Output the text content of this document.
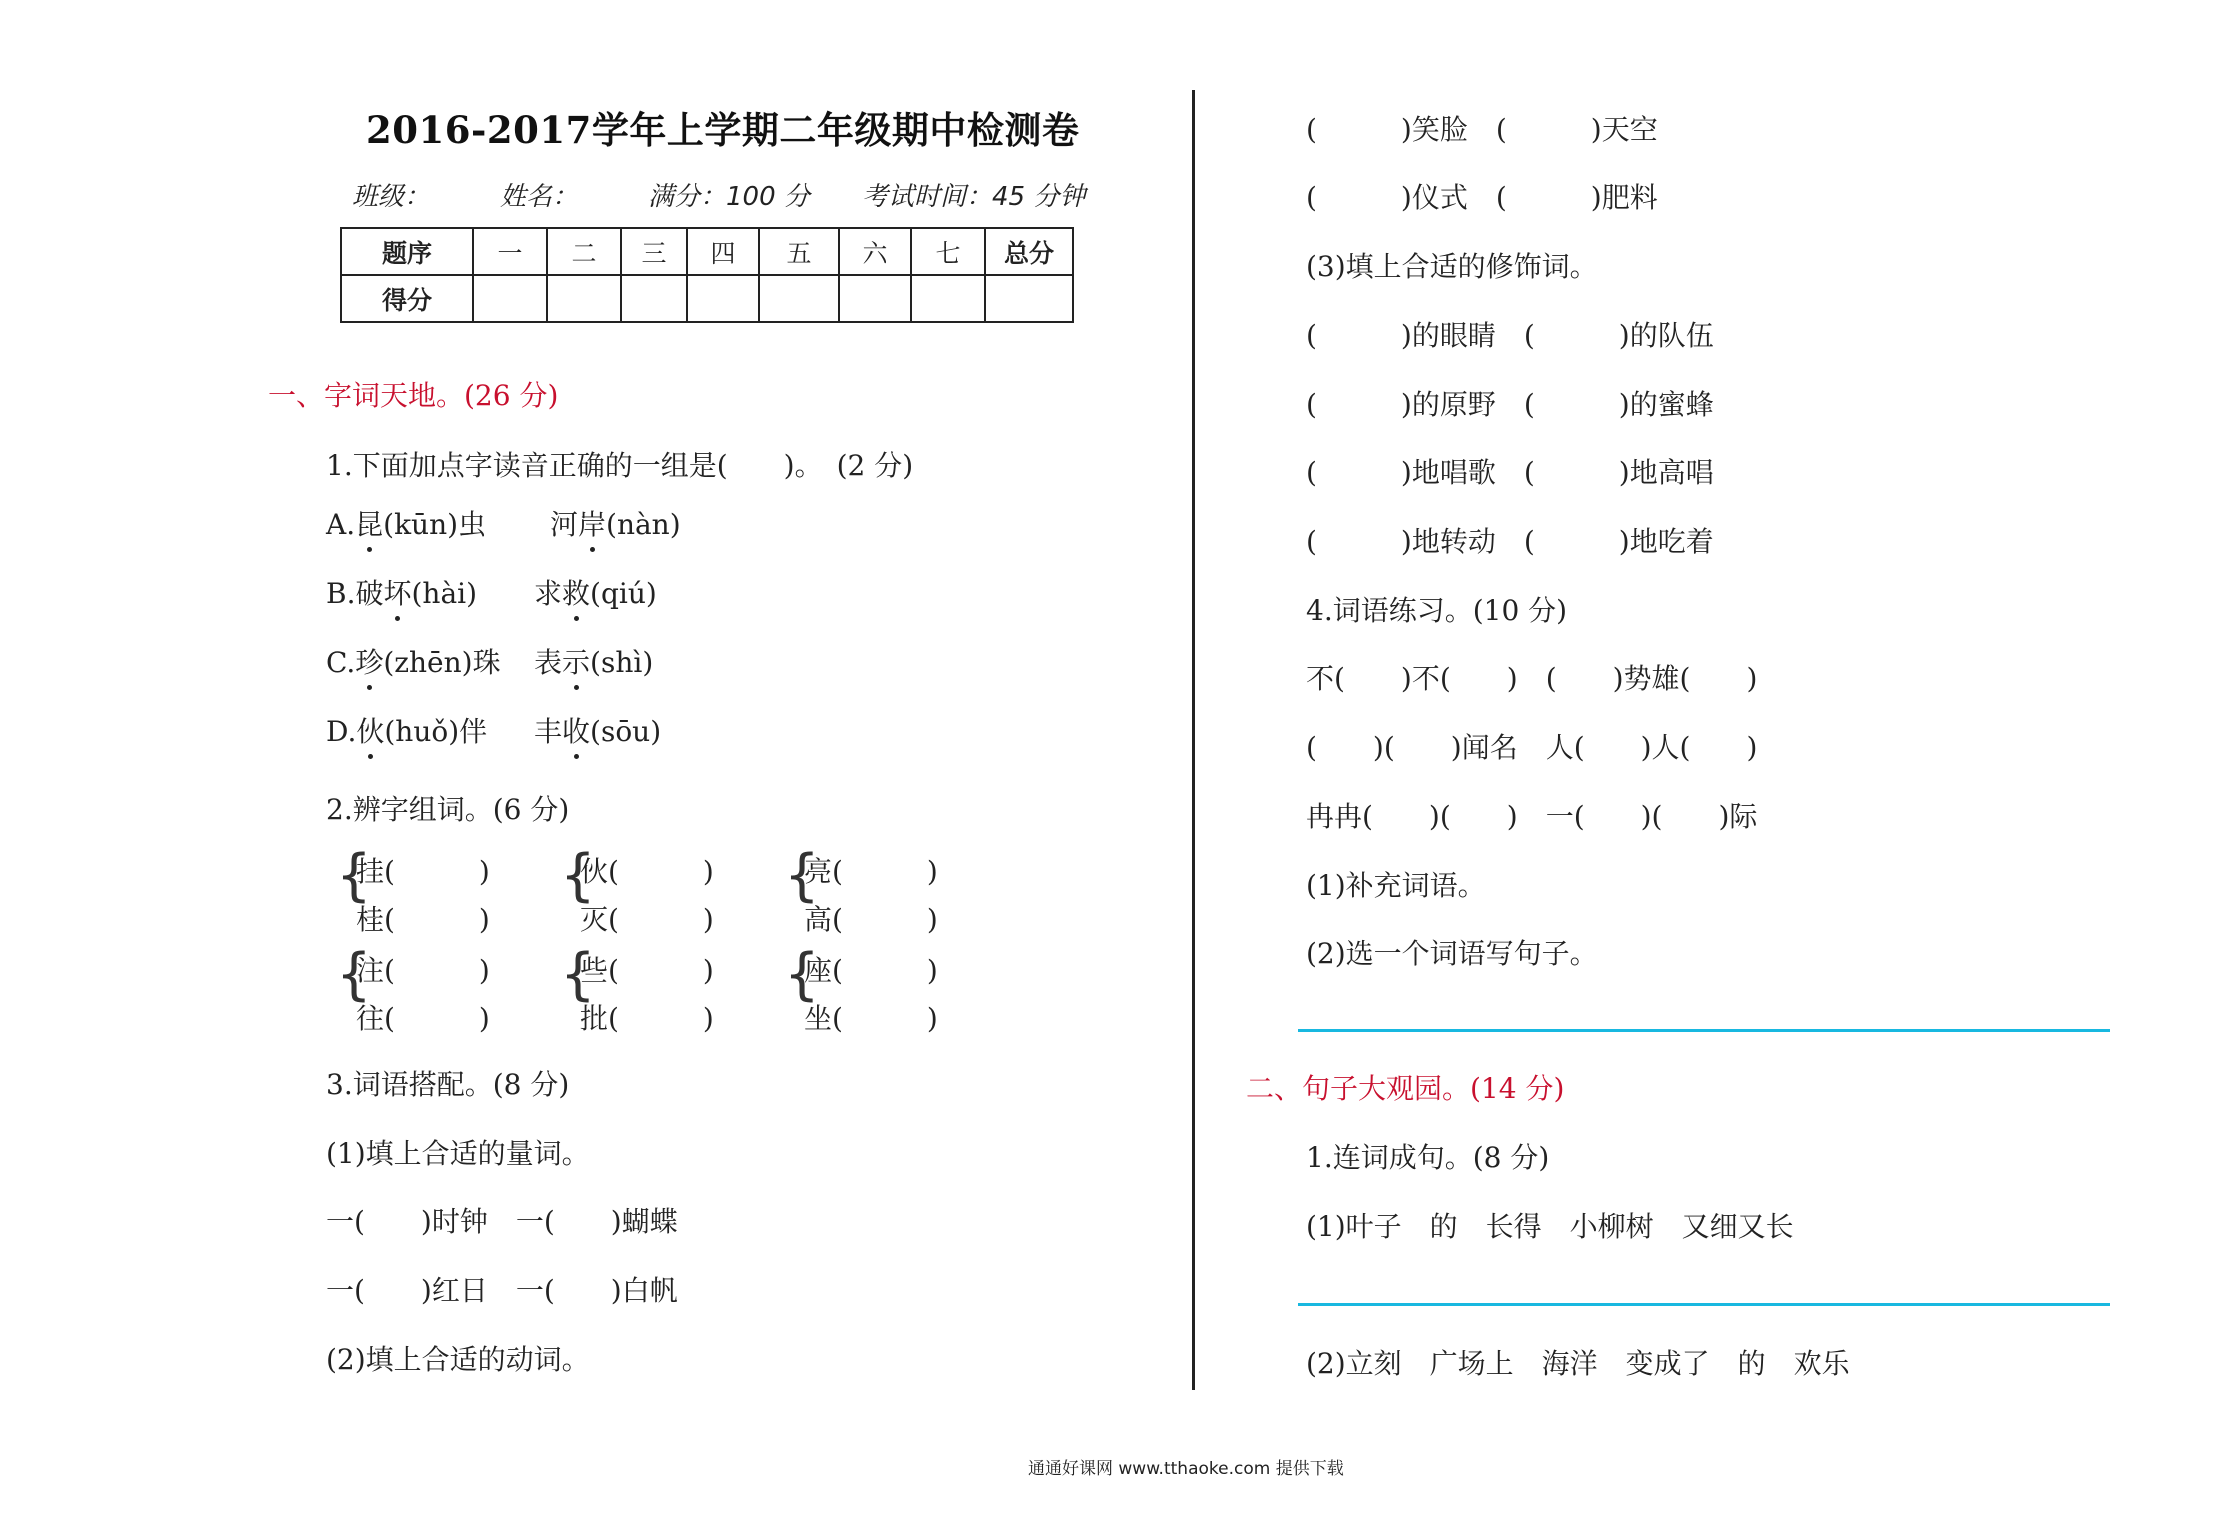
2016-2017学年上学期二年级期中检测卷
班级：	姓名：	满分：100 分 考试时间：45 分钟
题序	一	二	三	四	五	六	七	总分
得分								
一、字词天地。(26 分)
1.下面加点字读音正确的一组是(　　)。　(2 分)
A.昆(kūn)虫 河岸(nàn)
B.破坏(hài) 求救(qiú)
C.珍(zhēn)珠 表示(shì)
D.伙(huǒ)伴 丰收(sōu)
2.辨字组词。(6 分)
{
挂(　　　)
桂(　　　)
{
伙(　　　)
灭(　　　)
{
亮(　　　)
高(　　　)
{
注(　　　)
往(　　　)
{
些(　　　)
批(　　　)
{
座(　　　)
坐(　　　)
3.词语搭配。(8 分)
(1)填上合适的量词。
一(　　)时钟　一(　　)蝴蝶
一(　　)红日　一(　　)白帆
(2)填上合适的动词。
(　　　)笑脸　(　　　)天空
(　　　)仪式　(　　　)肥料
(3)填上合适的修饰词。
(　　　)的眼睛　(　　　)的队伍
(　　　)的原野　(　　　)的蜜蜂
(　　　)地唱歌　(　　　)地高唱
(　　　)地转动　(　　　)地吃着
4.词语练习。(10 分)
不(　　)不(　　)　(　　)势雄(　　)
(　　)(　　)闻名　人(　　)人(　　)
冉冉(　　)(　　)　一(　　)(　　)际
(1)补充词语。
(2)选一个词语写句子。
二、句子大观园。(14 分)
1.连词成句。(8 分)
(1)叶子　的　长得　小柳树　又细又长
(2)立刻　广场上　海洋　变成了　的　欢乐
通通好课网 www.tthaoke.com 提供下载
